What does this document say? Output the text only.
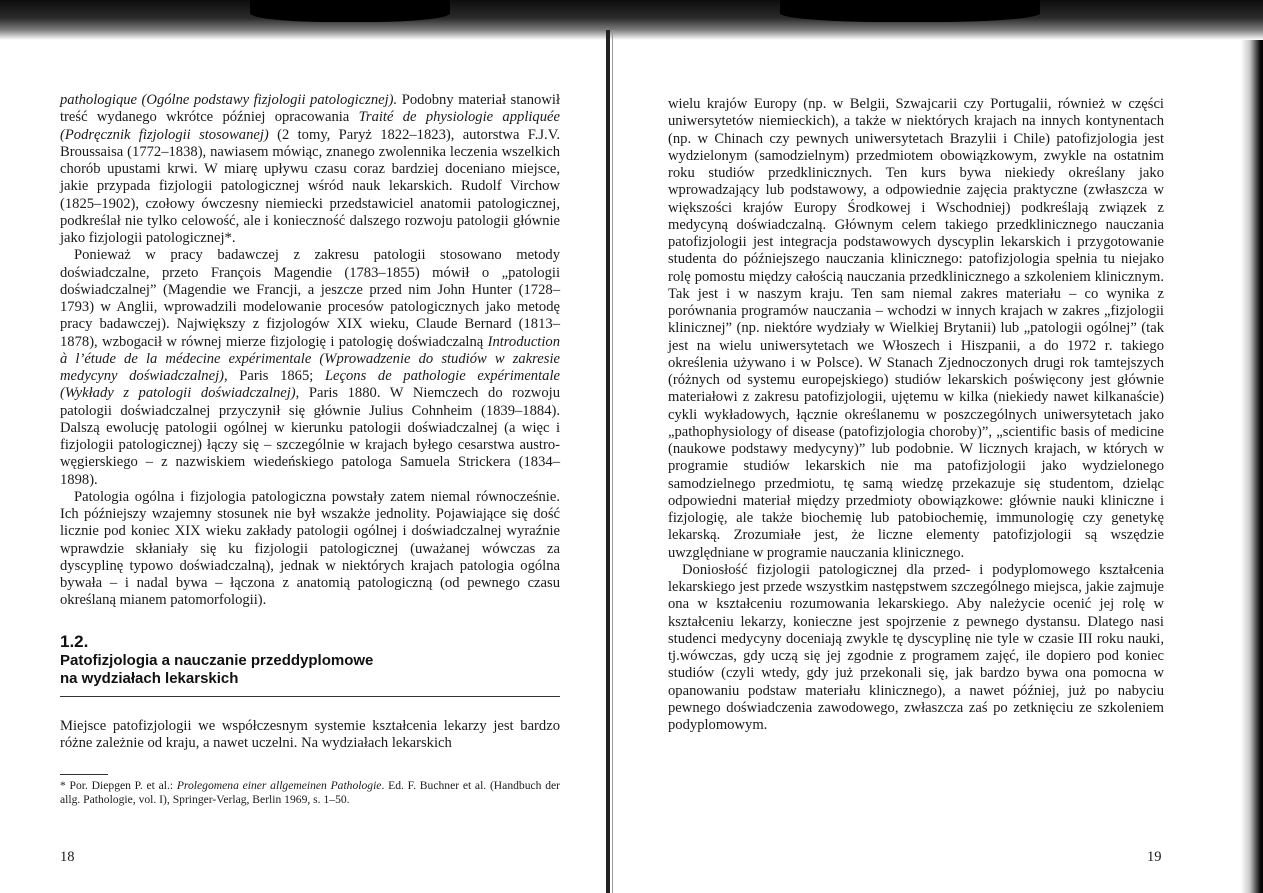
pathologique (Ogólne podstawy fizjologii patologicznej). Podobny materiał stanowił treść wydanego wkrótce później opracowania Traité de physiologie appliquée (Podręcznik fizjologii stosowanej) (2 tomy, Paryż 1822–1823), autorstwa F.J.V. Broussaisa (1772–1838), nawiasem mówiąc, znanego zwolennika leczenia wszelkich chorób upustami krwi. W miarę upływu czasu coraz bardziej doceniano miejsce, jakie przypada fizjologii patologicznej wśród nauk lekarskich. Rudolf Virchow (1825–1902), czołowy ówczesny niemiecki przedstawiciel anatomii patologicznej, podkreślał nie tylko celowość, ale i konieczność dalszego rozwoju patologii głównie jako fizjologii patologicznej*.

Ponieważ w pracy badawczej z zakresu patologii stosowano metody doświadczalne, przeto François Magendie (1783–1855) mówił o „patologii doświadczalnej” (Magendie we Francji, a jeszcze przed nim John Hunter (1728–1793) w Anglii, wprowadzili modelowanie procesów patologicznych jako metodę pracy badawczej). Największy z fizjologów XIX wieku, Claude Bernard (1813–1878), wzbogacił w równej mierze fizjologię i patologię doświadczalną Introduction à l’étude de la médecine expérimentale (Wprowadzenie do studiów w zakresie medycyny doświadczalnej), Paris 1865; Leçons de pathologie expérimentale (Wykłady z patologii doświadczalnej), Paris 1880. W Niemczech do rozwoju patologii doświadczalnej przyczynił się głównie Julius Cohnheim (1839–1884). Dalszą ewolucję patologii ogólnej w kierunku patologii doświadczalnej (a więc i fizjologii patologicznej) łączy się – szczególnie w krajach byłego cesarstwa austro-węgierskiego – z nazwiskiem wiedeńskiego patologa Samuela Strickera (1834–1898).

Patologia ogólna i fizjologia patologiczna powstały zatem niemal równocześnie. Ich późniejszy wzajemny stosunek nie był wszakże jednolity. Pojawiające się dość licznie pod koniec XIX wieku zakłady patologii ogólnej i doświadczalnej wyraźnie wprawdzie skłaniały się ku fizjologii patologicznej (uważanej wówczas za dyscyplinę typowo doświadczalną), jednak w niektórych krajach patologia ogólna bywała – i nadal bywa – łączona z anatomią patologiczną (od pewnego czasu określaną mianem patomorfologii).

1.2.
Patofizjologia a nauczanie przeddyplomowe
na wydziałach lekarskich

Miejsce patofizjologii we współczesnym systemie kształcenia lekarzy jest bardzo różne zależnie od kraju, a nawet uczelni. Na wydziałach lekarskich

* Por. Diepgen P. et al.: Prolegomena einer allgemeinen Pathologie. Ed. F. Buchner et al. (Handbuch der allg. Pathologie, vol. I), Springer-Verlag, Berlin 1969, s. 1–50.

18

wielu krajów Europy (np. w Belgii, Szwajcarii czy Portugalii, również w części uniwersytetów niemieckich), a także w niektórych krajach na innych kontynentach (np. w Chinach czy pewnych uniwersytetach Brazylii i Chile) patofizjologia jest wydzielonym (samodzielnym) przedmiotem obowiązkowym, zwykle na ostatnim roku studiów przedklinicznych. Ten kurs bywa niekiedy określany jako wprowadzający lub podstawowy, a odpowiednie zajęcia praktyczne (zwłaszcza w większości krajów Europy Środkowej i Wschodniej) podkreślają związek z medycyną doświadczalną. Głównym celem takiego przedklinicznego nauczania patofizjologii jest integracja podstawowych dyscyplin lekarskich i przygotowanie studenta do późniejszego nauczania klinicznego: patofizjologia spełnia tu niejako rolę pomostu między całością nauczania przedklinicznego a szkoleniem klinicznym. Tak jest i w naszym kraju. Ten sam niemal zakres materiału – co wynika z porównania programów nauczania – wchodzi w innych krajach w zakres „fizjologii klinicznej” (np. niektóre wydziały w Wielkiej Brytanii) lub „patologii ogólnej” (tak jest na wielu uniwersytetach we Włoszech i Hiszpanii, a do 1972 r. takiego określenia używano i w Polsce). W Stanach Zjednoczonych drugi rok tamtejszych (różnych od systemu europejskiego) studiów lekarskich poświęcony jest głównie materiałowi z zakresu patofizjologii, ujętemu w kilka (niekiedy nawet kilkanaście) cykli wykładowych, łącznie określanemu w poszczególnych uniwersytetach jako „pathophysiology of disease (patofizjologia choroby)”, „scientific basis of medicine (naukowe podstawy medycyny)” lub podobnie. W licznych krajach, w których w programie studiów lekarskich nie ma patofizjologii jako wydzielonego samodzielnego przedmiotu, tę samą wiedzę przekazuje się studentom, dzieląc odpowiedni materiał między przedmioty obowiązkowe: głównie nauki kliniczne i fizjologię, ale także biochemię lub patobiochemię, immunologię czy genetykę lekarską. Zrozumiałe jest, że liczne elementy patofizjologii są wszędzie uwzględniane w programie nauczania klinicznego.

Doniosłość fizjologii patologicznej dla przed- i podyplomowego kształcenia lekarskiego jest przede wszystkim następstwem szczególnego miejsca, jakie zajmuje ona w kształceniu rozumowania lekarskiego. Aby należycie ocenić jej rolę w kształceniu lekarzy, konieczne jest spojrzenie z pewnego dystansu. Dlatego nasi studenci medycyny doceniają zwykle tę dyscyplinę nie tyle w czasie III roku nauki, tj.wówczas, gdy uczą się jej zgodnie z programem zajęć, ile dopiero pod koniec studiów (czyli wtedy, gdy już przekonali się, jak bardzo bywa ona pomocna w opanowaniu podstaw materiału klinicznego), a nawet później, już po nabyciu pewnego doświadczenia zawodowego, zwłaszcza zaś po zetknięciu ze szkoleniem podyplomowym.

19
